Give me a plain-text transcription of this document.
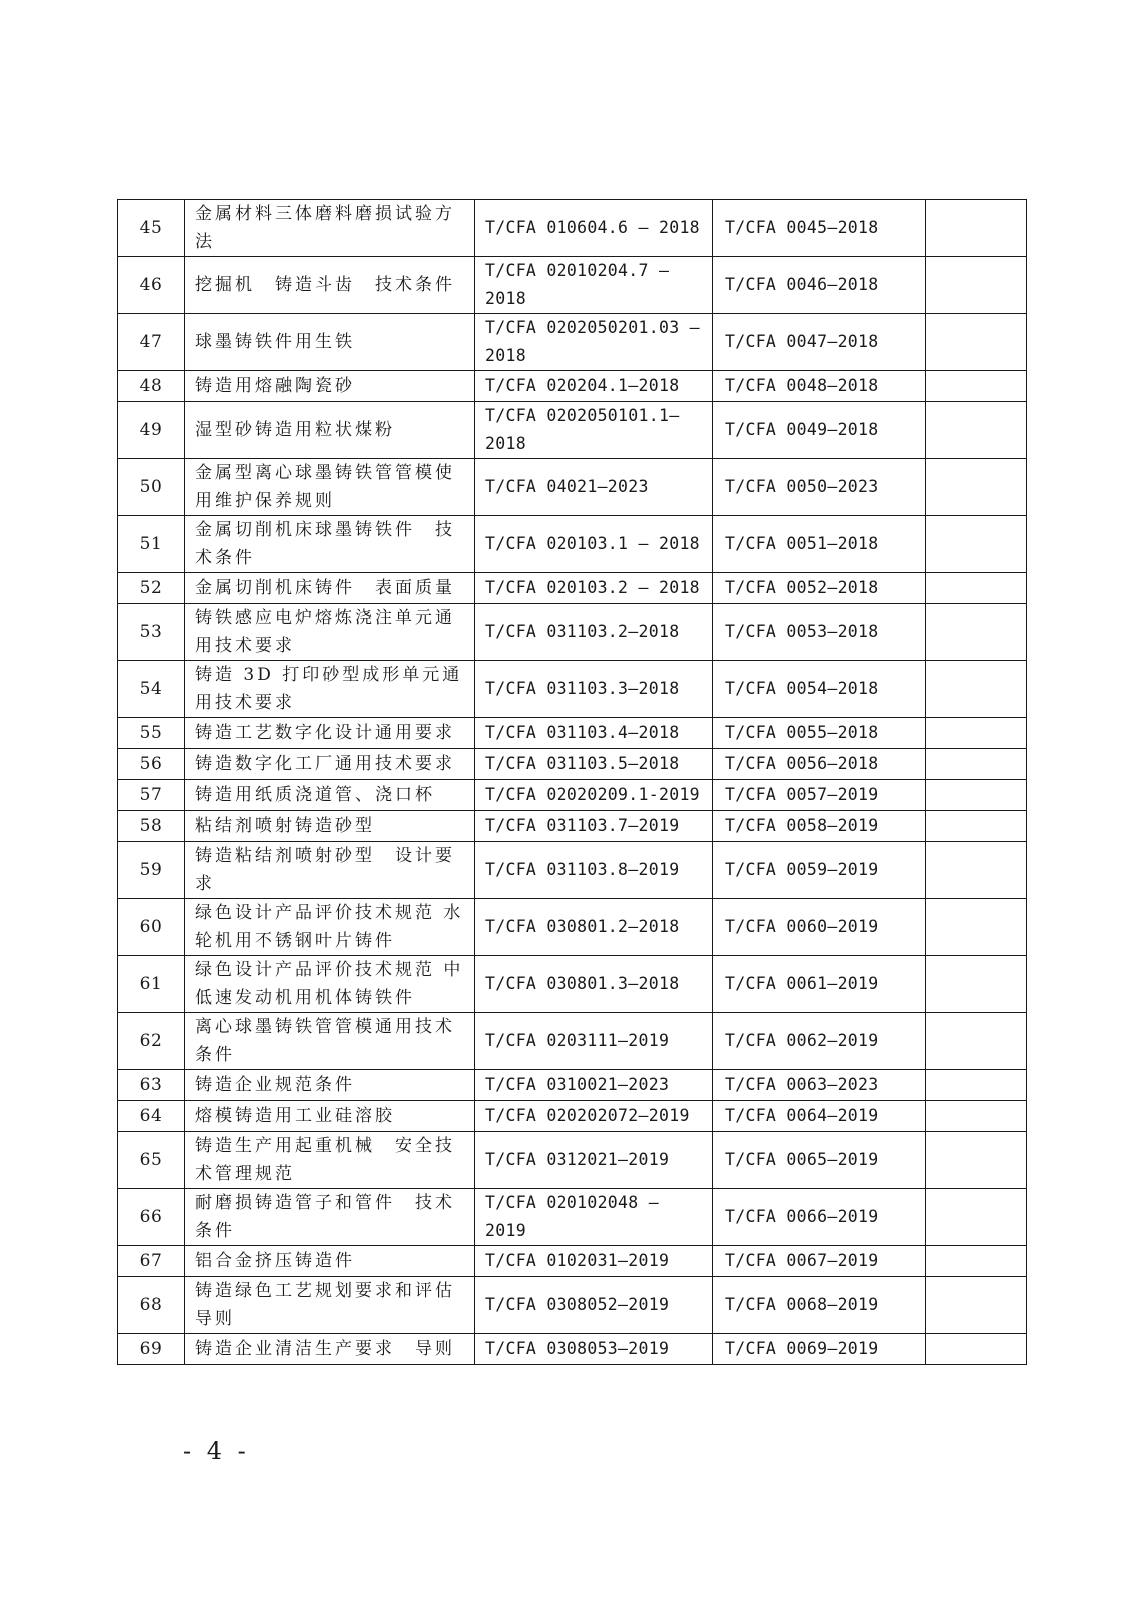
45	金属材料三体磨料磨损试验方法	T/CFA 010604.6 — 2018	T/CFA 0045—2018	
46	挖掘机　铸造斗齿　技术条件	T/CFA 02010204.7 — 2018	T/CFA 0046—2018	
47	球墨铸铁件用生铁	T/CFA 0202050201.03 — 2018	T/CFA 0047—2018	
48	铸造用熔融陶瓷砂	T/CFA 020204.1—2018	T/CFA 0048—2018	
49	湿型砂铸造用粒状煤粉	T/CFA 0202050101.1—2018	T/CFA 0049—2018	
50	金属型离心球墨铸铁管管模使用维护保养规则	T/CFA 04021—2023	T/CFA 0050—2023	
51	金属切削机床球墨铸铁件　技术条件	T/CFA 020103.1 — 2018	T/CFA 0051—2018	
52	金属切削机床铸件　表面质量	T/CFA 020103.2 — 2018	T/CFA 0052—2018	
53	铸铁感应电炉熔炼浇注单元通用技术要求	T/CFA 031103.2—2018	T/CFA 0053—2018	
54	铸造 3D 打印砂型成形单元通用技术要求	T/CFA 031103.3—2018	T/CFA 0054—2018	
55	铸造工艺数字化设计通用要求	T/CFA 031103.4—2018	T/CFA 0055—2018	
56	铸造数字化工厂通用技术要求	T/CFA 031103.5—2018	T/CFA 0056—2018	
57	铸造用纸质浇道管、浇口杯	T/CFA 02020209.1-2019	T/CFA 0057—2019	
58	粘结剂喷射铸造砂型	T/CFA 031103.7—2019	T/CFA 0058—2019	
59	铸造粘结剂喷射砂型　设计要求	T/CFA 031103.8—2019	T/CFA 0059—2019	
60	绿色设计产品评价技术规范 水轮机用不锈钢叶片铸件	T/CFA 030801.2—2018	T/CFA 0060—2019	
61	绿色设计产品评价技术规范 中低速发动机用机体铸铁件	T/CFA 030801.3—2018	T/CFA 0061—2019	
62	离心球墨铸铁管管模通用技术条件	T/CFA 0203111—2019	T/CFA 0062—2019	
63	铸造企业规范条件	T/CFA 0310021—2023	T/CFA 0063—2023	
64	熔模铸造用工业硅溶胶	T/CFA 020202072—2019	T/CFA 0064—2019	
65	铸造生产用起重机械　安全技术管理规范	T/CFA 0312021—2019	T/CFA 0065—2019	
66	耐磨损铸造管子和管件　技术条件	T/CFA 020102048 — 2019	T/CFA 0066—2019	
67	铝合金挤压铸造件	T/CFA 0102031—2019	T/CFA 0067—2019	
68	铸造绿色工艺规划要求和评估导则	T/CFA 0308052—2019	T/CFA 0068—2019	
69	铸造企业清洁生产要求　导则	T/CFA 0308053—2019	T/CFA 0069—2019	
- 4 -
